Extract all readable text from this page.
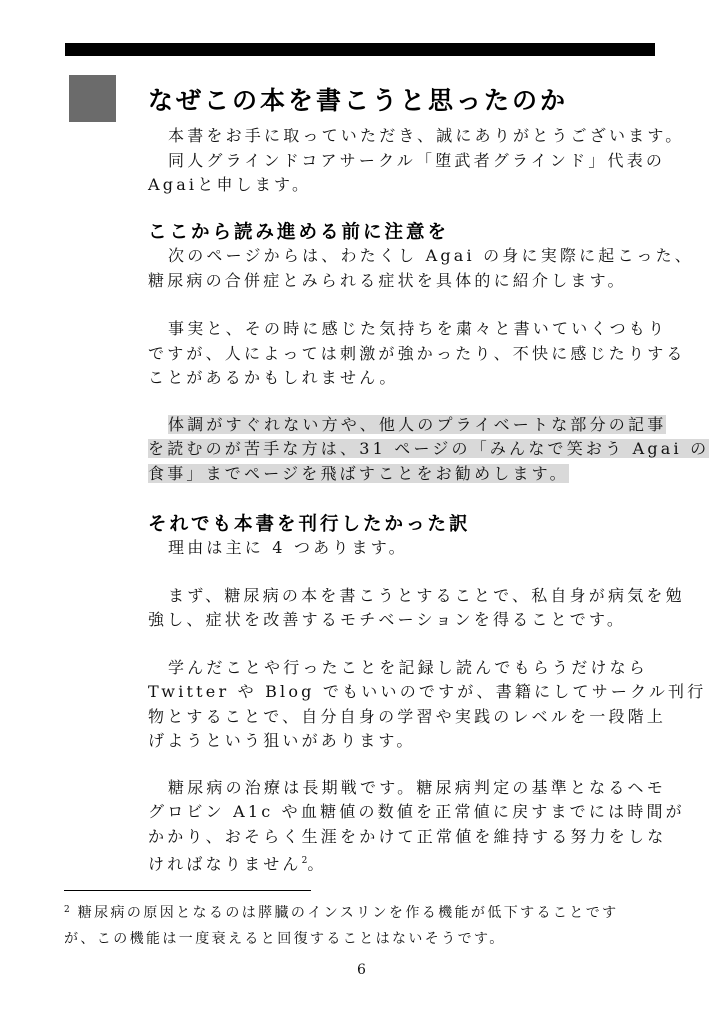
なぜこの本を書こうと思ったのか
本書をお手に取っていただき、誠にありがとうございます。
同人グラインドコアサークル「堕武者グラインド」代表の
Agaiと申します。
ここから読み進める前に注意を
次のページからは、わたくし Agai の身に実際に起こった、
糖尿病の合併症とみられる症状を具体的に紹介します。
事実と、その時に感じた気持ちを粛々と書いていくつもり
ですが、人によっては刺激が強かったり、不快に感じたりする
ことがあるかもしれません。
体調がすぐれない方や、他人のプライベートな部分の記事
を読むのが苦手な方は、31 ページの「みんなで笑おう Agai の
食事」までページを飛ばすことをお勧めします。
それでも本書を刊行したかった訳
理由は主に 4 つあります。
まず、糖尿病の本を書こうとすることで、私自身が病気を勉
強し、症状を改善するモチベーションを得ることです。
学んだことや行ったことを記録し読んでもらうだけなら
Twitter や Blog でもいいのですが、書籍にしてサークル刊行
物とすることで、自分自身の学習や実践のレベルを一段階上
げようという狙いがあります。
糖尿病の治療は長期戦です。糖尿病判定の基準となるヘモ
グロビン A1c や血糖値の数値を正常値に戻すまでには時間が
かかり、おそらく生涯をかけて正常値を維持する努力をしな
ければなりません$^2$。
$^2$ 糖尿病の原因となるのは膵臓のインスリンを作る機能が低下することです
が、この機能は一度衰えると回復することはないそうです。
6
